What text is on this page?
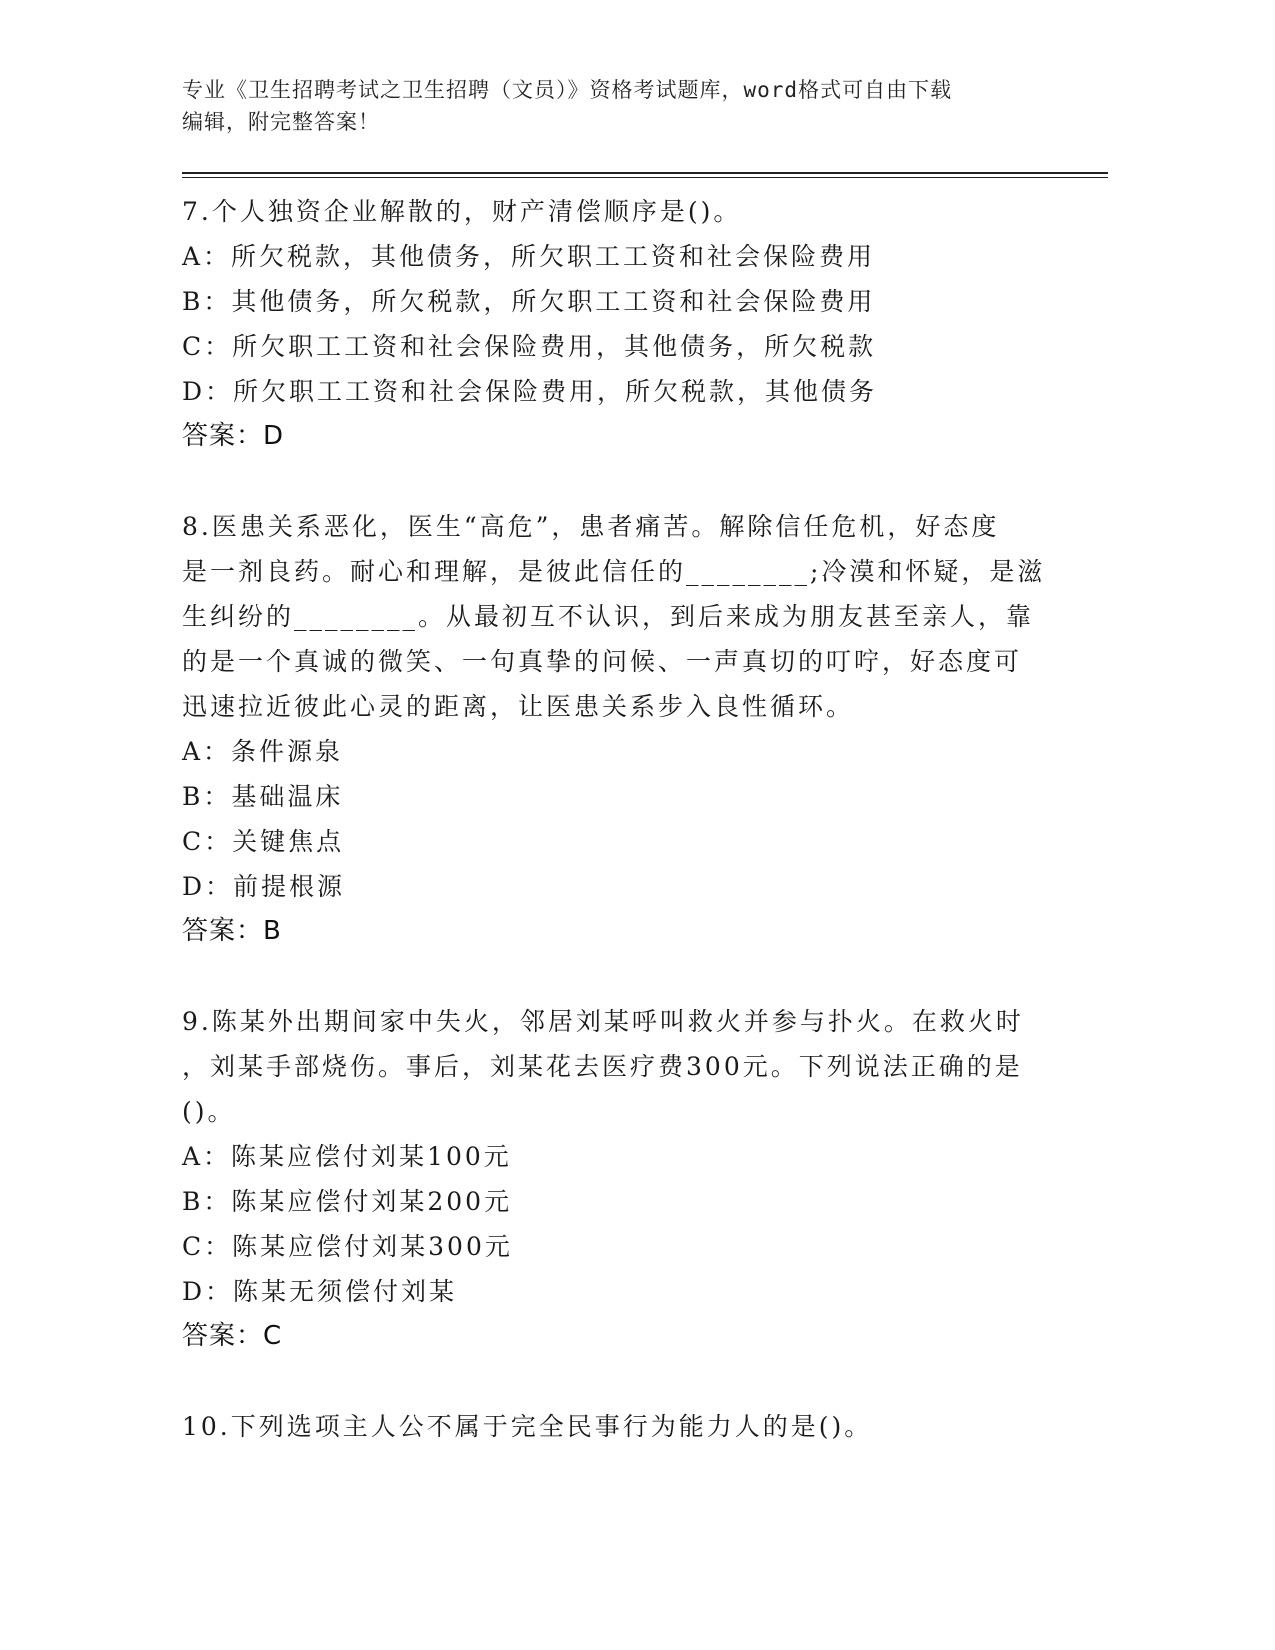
专业《卫生招聘考试之卫生招聘（文员）》资格考试题库，word格式可自由下载
编辑，附完整答案！
7.个人独资企业解散的，财产清偿顺序是()。
A：所欠税款，其他债务，所欠职工工资和社会保险费用
B：其他债务，所欠税款，所欠职工工资和社会保险费用
C：所欠职工工资和社会保险费用，其他债务，所欠税款
D：所欠职工工资和社会保险费用，所欠税款，其他债务
答案：D
8.医患关系恶化，医生“高危”，患者痛苦。解除信任危机，好态度
是一剂良药。耐心和理解，是彼此信任的________;冷漠和怀疑，是滋
生纠纷的________。从最初互不认识，到后来成为朋友甚至亲人，靠
的是一个真诚的微笑、一句真挚的问候、一声真切的叮咛，好态度可
迅速拉近彼此心灵的距离，让医患关系步入良性循环。
A：条件源泉
B：基础温床
C：关键焦点
D：前提根源
答案：B
9.陈某外出期间家中失火，邻居刘某呼叫救火并参与扑火。在救火时
，刘某手部烧伤。事后，刘某花去医疗费300元。下列说法正确的是
()。
A：陈某应偿付刘某100元
B：陈某应偿付刘某200元
C：陈某应偿付刘某300元
D：陈某无须偿付刘某
答案：C
10.下列选项主人公不属于完全民事行为能力人的是()。
